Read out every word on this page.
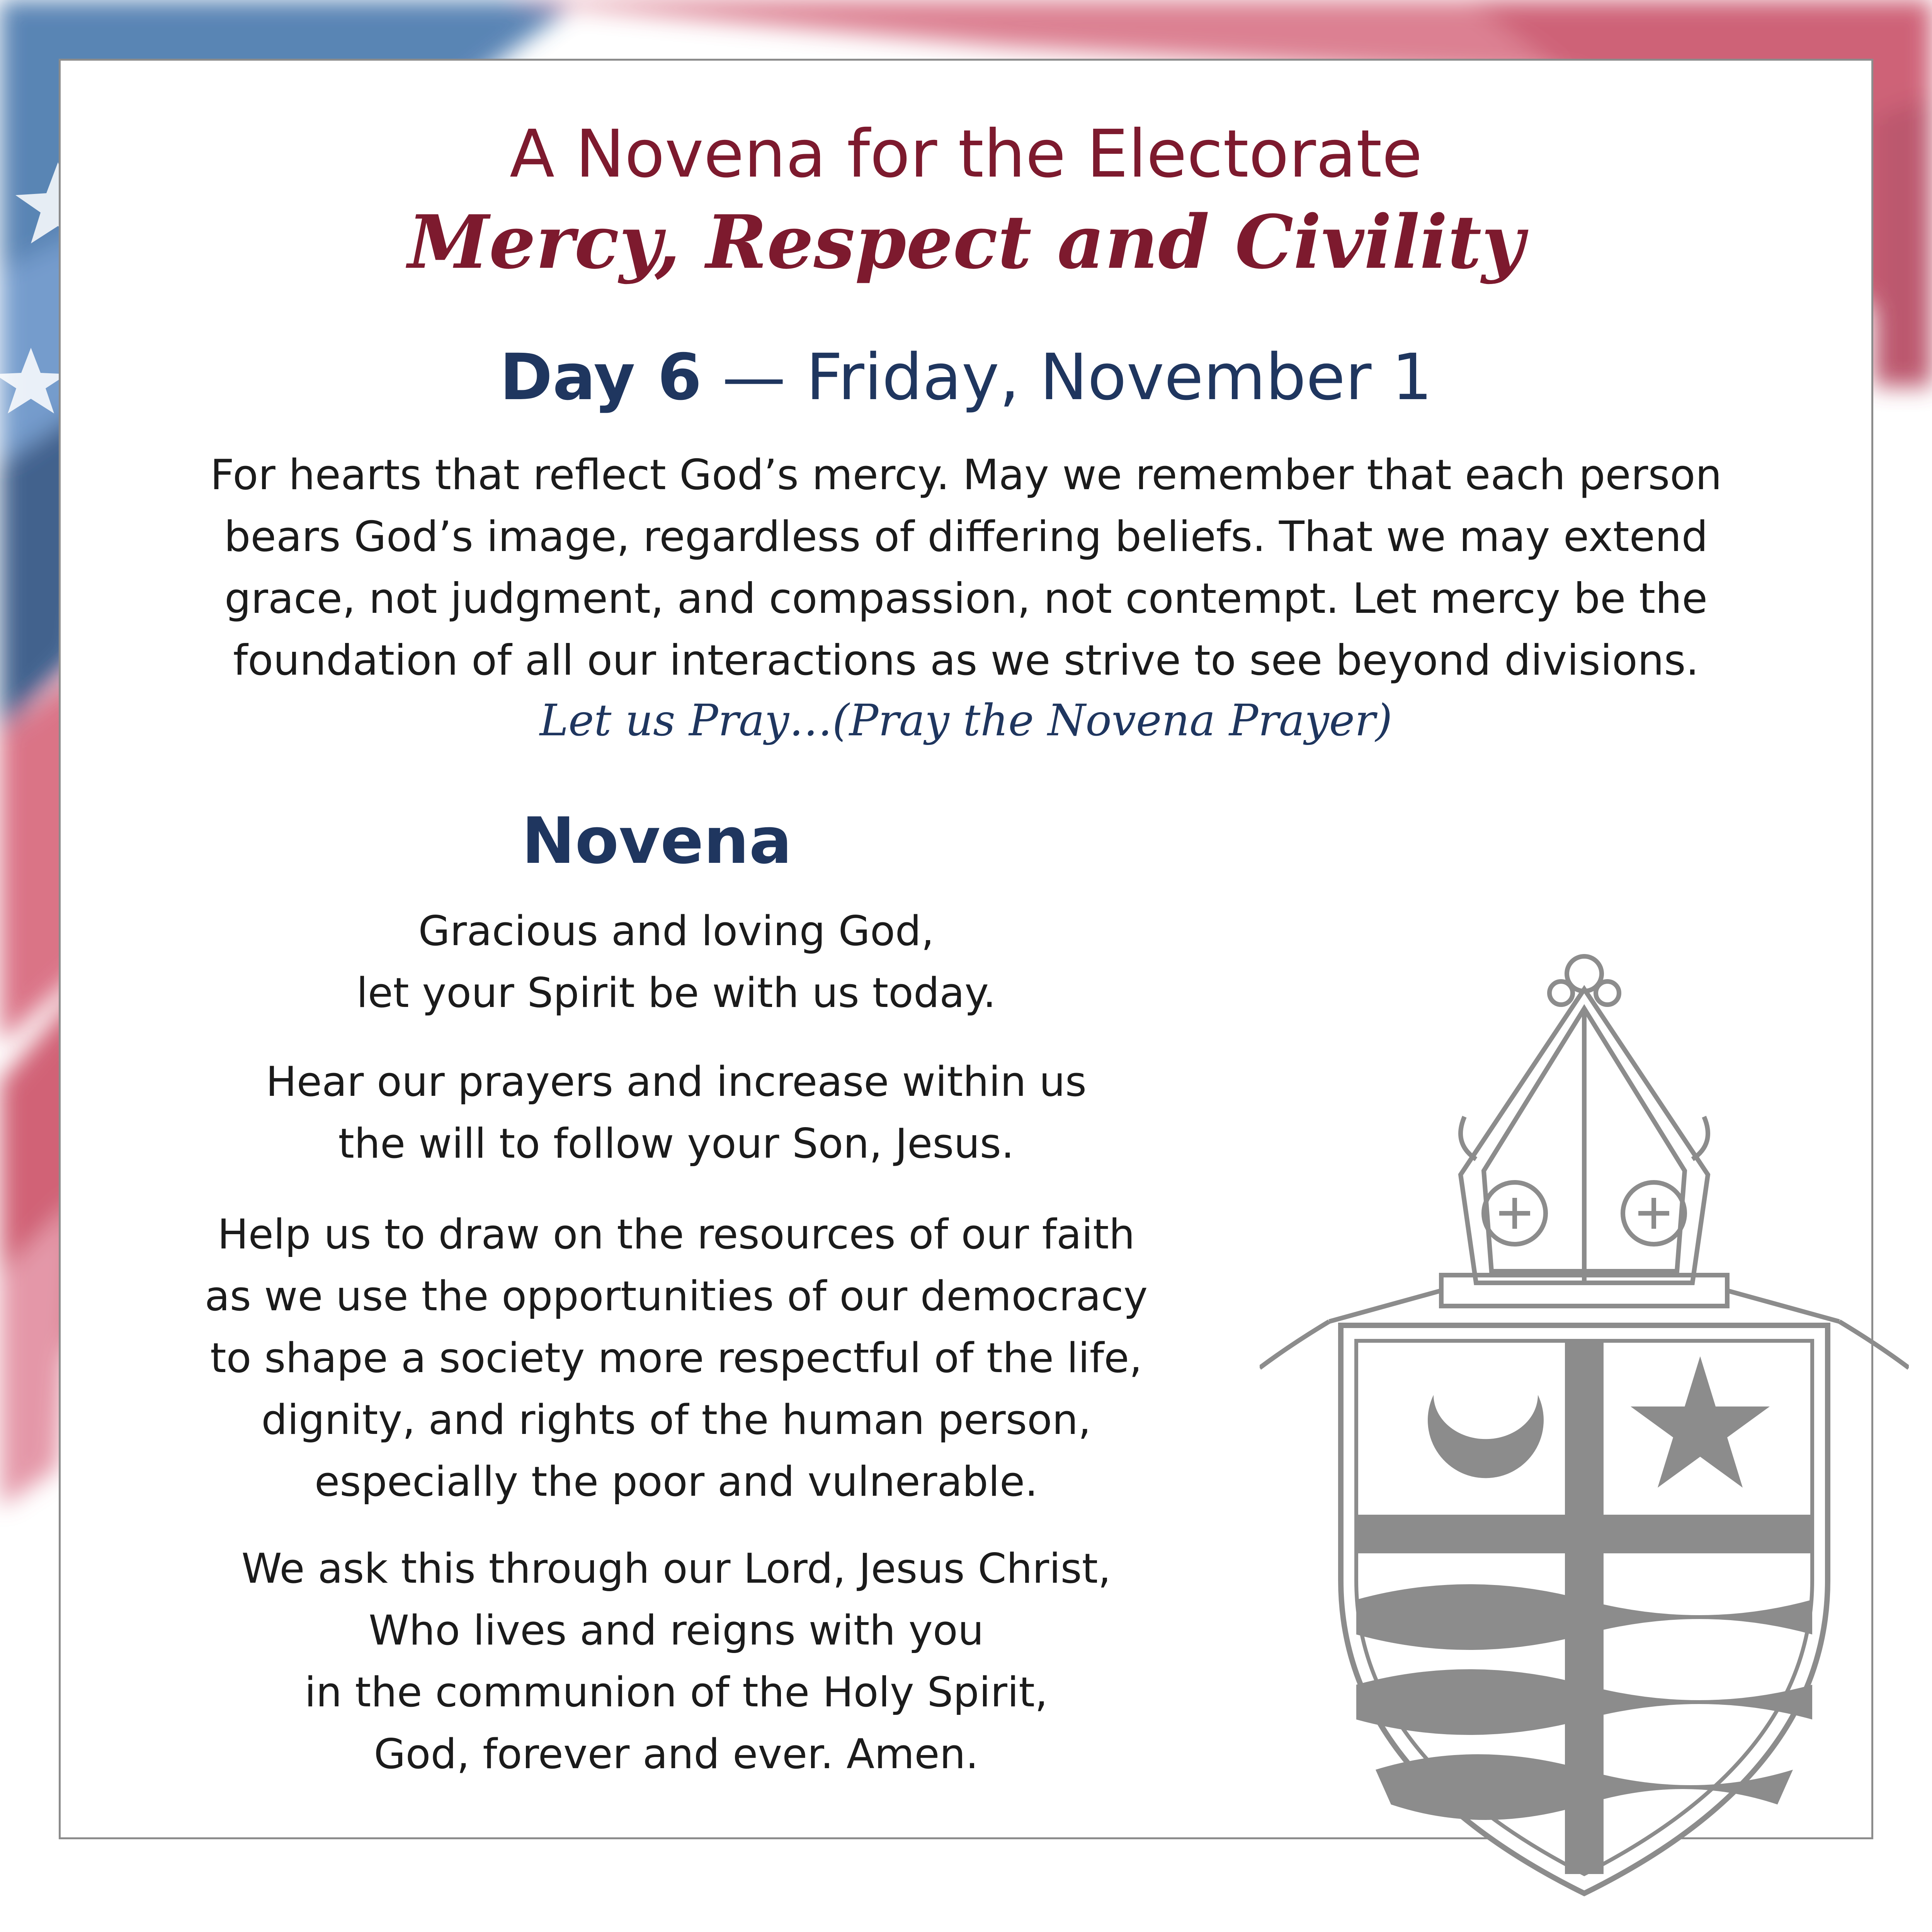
A Novena for the Electorate
Mercy, Respect and Civility

Day 6 — Friday, November 1

For hearts that reflect God’s mercy. May we remember that each person
bears God’s image, regardless of differing beliefs. That we may extend
grace, not judgment, and compassion, not contempt. Let mercy be the
foundation of all our interactions as we strive to see beyond divisions.

Let us Pray…(Pray the Novena Prayer)

Novena

Gracious and loving God,
let your Spirit be with us today.

Hear our prayers and increase within us
the will to follow your Son, Jesus.

Help us to draw on the resources of our faith
as we use the opportunities of our democracy
to shape a society more respectful of the life,
dignity, and rights of the human person,
especially the poor and vulnerable.

We ask this through our Lord, Jesus Christ,
Who lives and reigns with you
in the communion of the Holy Spirit,
God, forever and ever. Amen.
